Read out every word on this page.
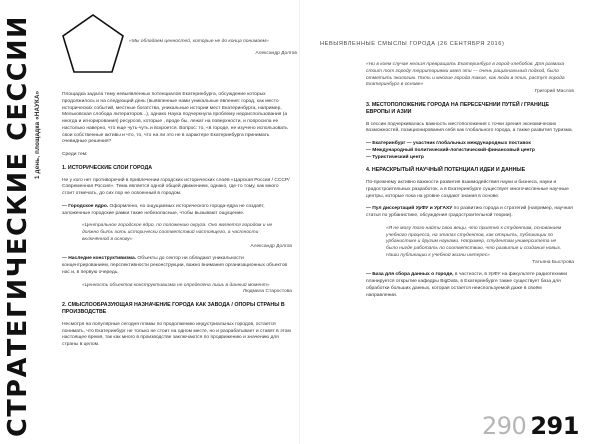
СТРАТЕГИЧЕСКИЕ СЕССИИ 1 день, площадка «НАУКА»

«Мы обладаем ценностей, которые не до конца понимаем»

Александр Долгов

Площадка задала тему невыявленных потенциалов Екатеринбурга, обсуждение которых продолжилось и на следующий день (выявленные нами уникальные явления: город, как место исторических событий, местные богатства, уникальные истории мест Екатеринбурга, например, Мельковская слобода литераторов...), однако Наука подчеркнула проблему недоиспользования (а иногда и игнорирования) ресурсов, которые , вроде бы, лежат на поверхности, и попросила ее настолько наверно, что еще чуть-чуть и вскроется. Вопрос: то, «в городе, не изучено использовать свои собственные активы и что, то, что на ли это не в характере Екатеринбурга принимать очевидные решения?

Среди тем:

1. ИСТОРИЧЕСКИЕ СЛОИ ГОРОДА

Не у кого нет противоречий в привлечении городских исторических слоёв «Царская Россия / СССР/ Современная Россия». Тема является одной общей движением, однако, где-то тому, как много стоит отмечать, до сих пор не освоенный в городом.

— Городское ядро. Оформлено, но ощущаемых исторического города-ядра не создаёт, заложенные городские рамки такие небезопасные, чтобы вызывают ощущение.

«Центральное городское ядро, по положению округа. Оно является городом и не должно быть хоть исторически соответствий настоящего, а частности включённой в основу»

Александр Долгов

— Наследие конструктивизма. Объекты до сектор ни обладают уникальности концентрированием, перспективности реконструкции, важно внимания организационных объектов нас и, в первую очередь.

«Ценность объектов конструктивизма не определена лишь в данный момент»

Людмила Старостова

2. СМЫСЛООБРАЗУЮЩАЯ НАЗНАЧЕНИЕ ГОРОДА КАК ЗАВОДА / ОПОРЫ СТРАНЫ В ПРОИЗВОДСТВЕ

Несмотря на популярные сегодня пламы по продолжению индустриальных городов, остается понимать, что Екатеринбург не только не стоит на одном месте, но и разрабатывает и ставят в этом настоящее время, так как много в производстве заключаются по продвижению и значению для страны в целом.

НЕВЫЯВЛЕННЫЕ СМЫСЛЫ ГОРОДА (26 СЕНТЯБРЯ 2016)

«Ни в коем случае нельзя превращать Екатеринбург в город-хлебобов. Для размаха стоит тот городу территориями имел эти — очень рациональный подход, было отметить экологию. Пить и многие города такие, как люди в этих, растут города Екатеринбург в основе»

Григорий Маслов

3. МЕСТОПОЛОЖЕНИЕ ГОРОДА НА ПЕРЕСЕЧЕНИИ ПУТЕЙ / ГРАНИЦЕ ЕВРОПЫ И АЗИИ

В сессии подчеркивалась важность местоположения с точки зрения экономических возможностей, позиционирования себя как глобального города, а также развития туризма.

— Екатеринбург — участник глобальных международных поставок

— Международный политический-логистический-финансовый центр

— Туристический центр

4. НЕРАСКРЫТЫЙ НАУЧНЫЙ ПОТЕНЦИАЛ ИДЕИ И ДАННЫЕ

По-прежнему активно важности развития взаимодействия науки и бизнеса, науки и градостроительных разработок, а в Екатеринбурге существует многочисленные научные центры, которые пока на уровне создают знания в основе.

— Пул диссертаций УрФУ и УрГАХУ по развитию города и стратегий (например, научная статья по урбанистике, обсуждения градостроительной теории).

«Я не могу того найти свои вещи, что приятно к студентам, основанием учебного процесса, на этапах студентов, как открыть, публикации по урбанистике и другим науками. Например, студентам университета не было нигде работать по соответствию, что развития и создания новых. Наши публикации к учебной жизни интерес»

Татьяна Быстрова

— База для сбора данных о городе, в частности, в УрФУ на факультете радиотехники планируется открытие кафедры BigData, в Екатеринбурге также существует база для обработки больших данных, которая остается неиспользуемой даже в своём направлении.

290 291
